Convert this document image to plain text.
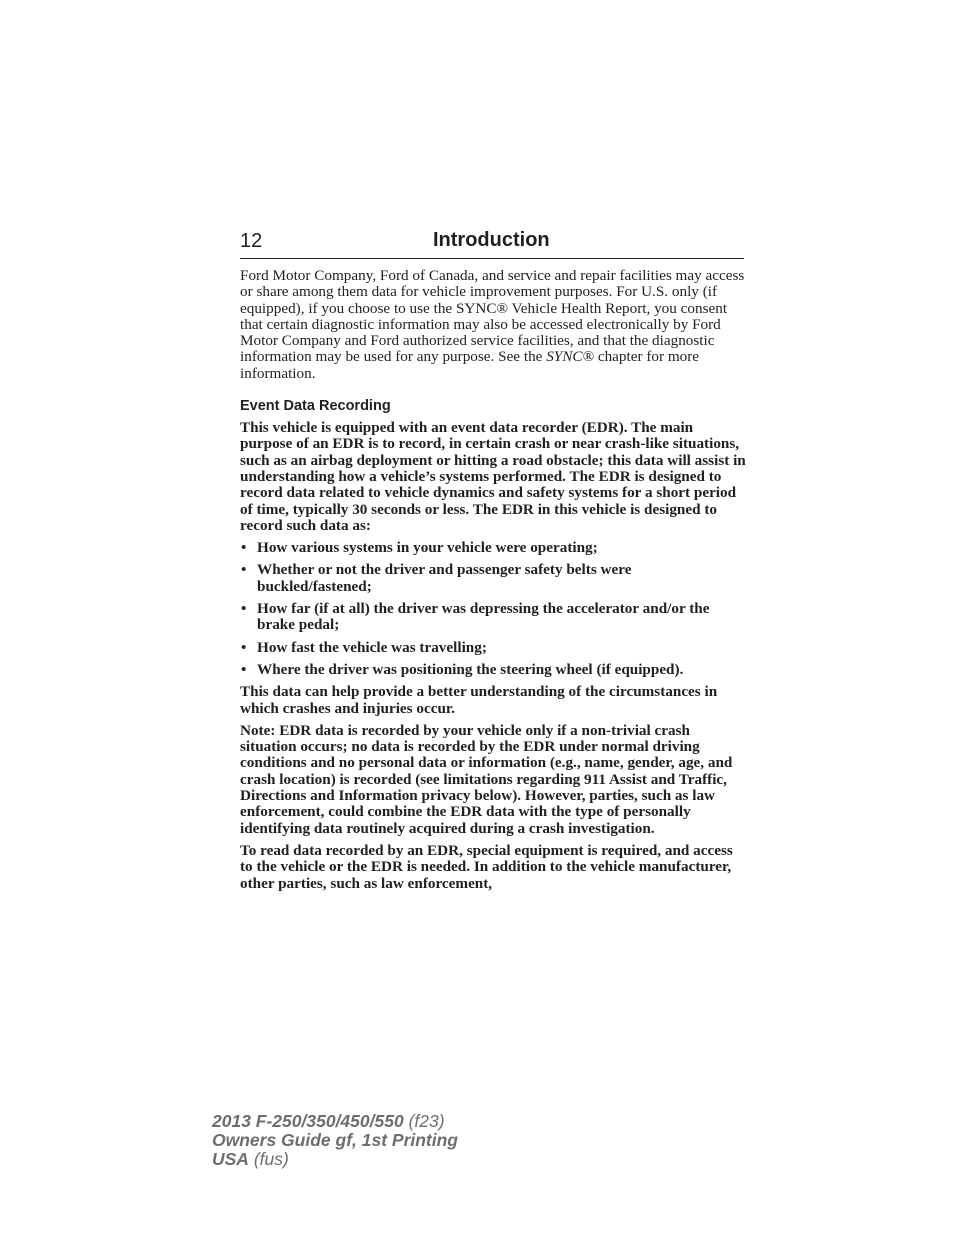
12	Introduction

Ford Motor Company, Ford of Canada, and service and repair facilities may access or share among them data for vehicle improvement purposes. For U.S. only (if equipped), if you choose to use the SYNC® Vehicle Health Report, you consent that certain diagnostic information may also be accessed electronically by Ford Motor Company and Ford authorized service facilities, and that the diagnostic information may be used for any purpose. See the SYNC® chapter for more information.

Event Data Recording

This vehicle is equipped with an event data recorder (EDR). The main purpose of an EDR is to record, in certain crash or near crash-like situations, such as an airbag deployment or hitting a road obstacle; this data will assist in understanding how a vehicle’s systems performed. The EDR is designed to record data related to vehicle dynamics and safety systems for a short period of time, typically 30 seconds or less. The EDR in this vehicle is designed to record such data as:

• How various systems in your vehicle were operating;
• Whether or not the driver and passenger safety belts were buckled/fastened;
• How far (if at all) the driver was depressing the accelerator and/or the brake pedal;
• How fast the vehicle was travelling;
• Where the driver was positioning the steering wheel (if equipped).

This data can help provide a better understanding of the circumstances in which crashes and injuries occur.

Note: EDR data is recorded by your vehicle only if a non-trivial crash situation occurs; no data is recorded by the EDR under normal driving conditions and no personal data or information (e.g., name, gender, age, and crash location) is recorded (see limitations regarding 911 Assist and Traffic, Directions and Information privacy below). However, parties, such as law enforcement, could combine the EDR data with the type of personally identifying data routinely acquired during a crash investigation.

To read data recorded by an EDR, special equipment is required, and access to the vehicle or the EDR is needed. In addition to the vehicle manufacturer, other parties, such as law enforcement,

2013 F-250/350/450/550 (f23)
Owners Guide gf, 1st Printing
USA (fus)
